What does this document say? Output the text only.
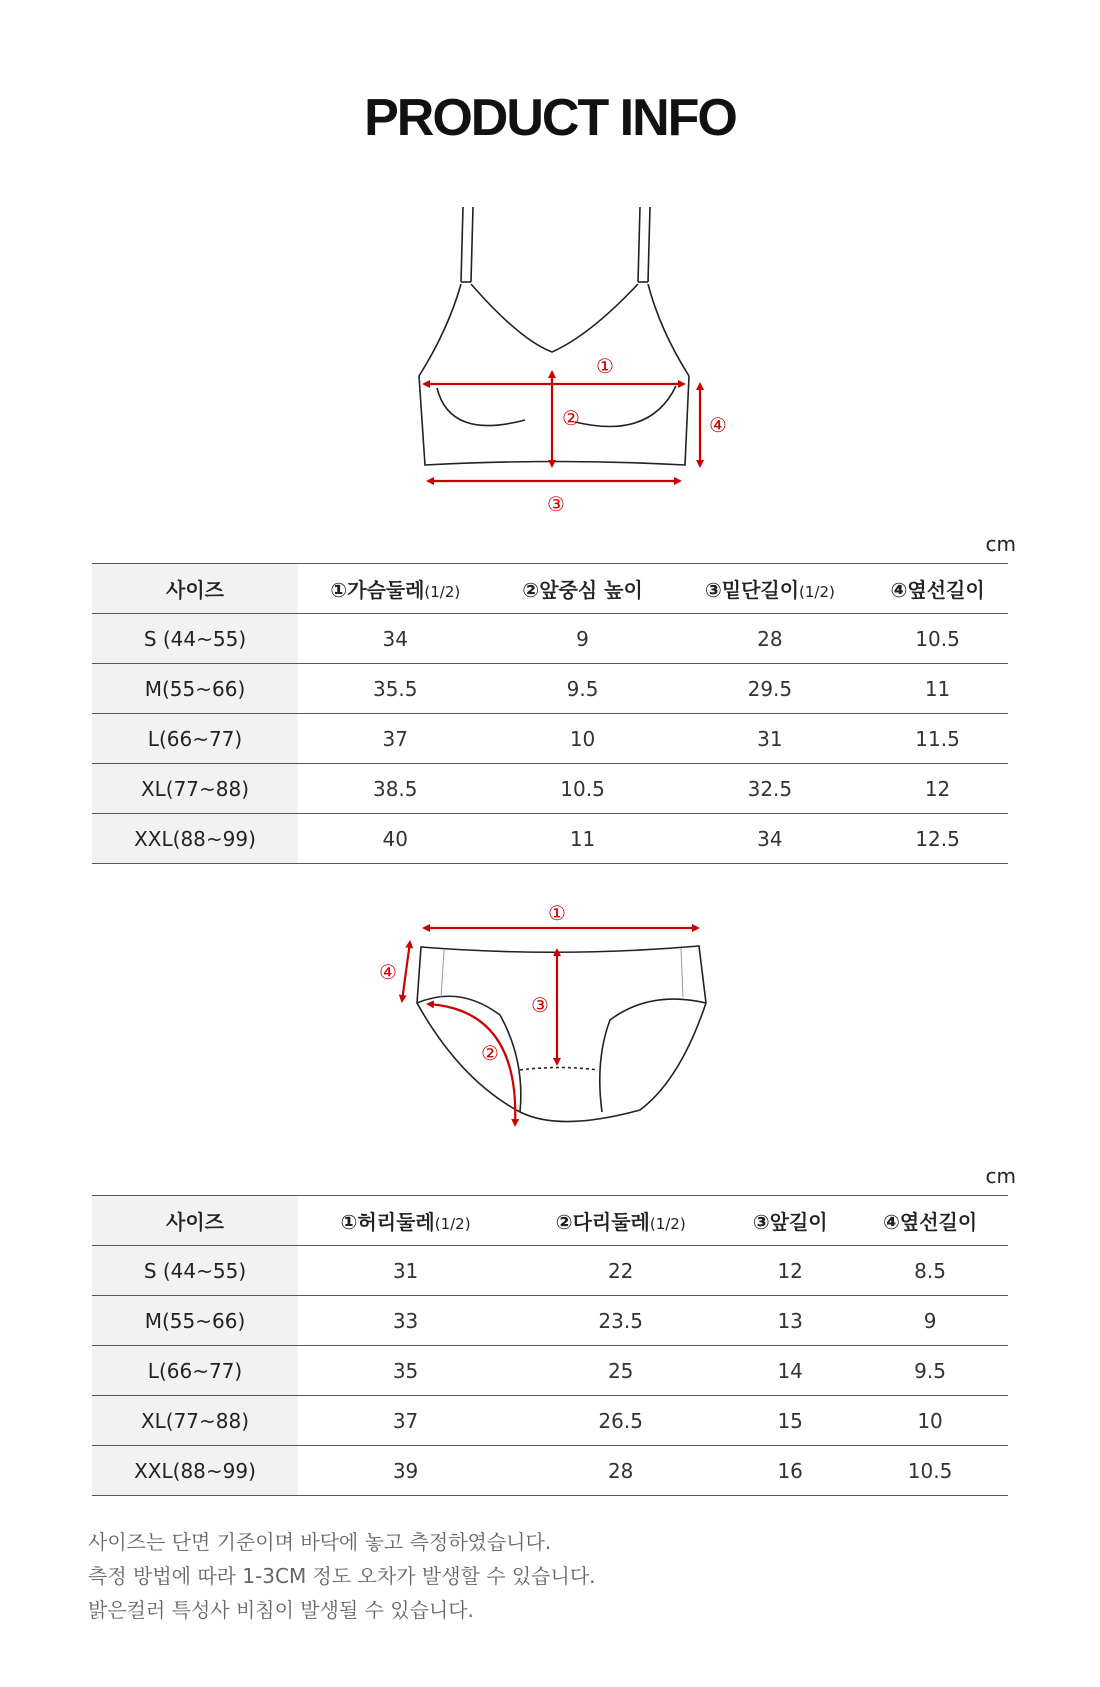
PRODUCT INFO
①
②
③
④
cm
사이즈	①가슴둘레(1/2)	②앞중심 높이	③밑단길이(1/2)	④옆선길이
S (44~55)	34	9	28	10.5
M(55~66)	35.5	9.5	29.5	11
L(66~77)	37	10	31	11.5
XL(77~88)	38.5	10.5	32.5	12
XXL(88~99)	40	11	34	12.5
①
②
③
④
cm
사이즈	①허리둘레(1/2)	②다리둘레(1/2)	③앞길이	④옆선길이
S (44~55)	31	22	12	8.5
M(55~66)	33	23.5	13	9
L(66~77)	35	25	14	9.5
XL(77~88)	37	26.5	15	10
XXL(88~99)	39	28	16	10.5

사이즈는 단면 기준이며 바닥에 놓고 측정하였습니다.

측정 방법에 따라 1-3CM 정도 오차가 발생할 수 있습니다.

밝은컬러 특성사 비침이 발생될 수 있습니다.
